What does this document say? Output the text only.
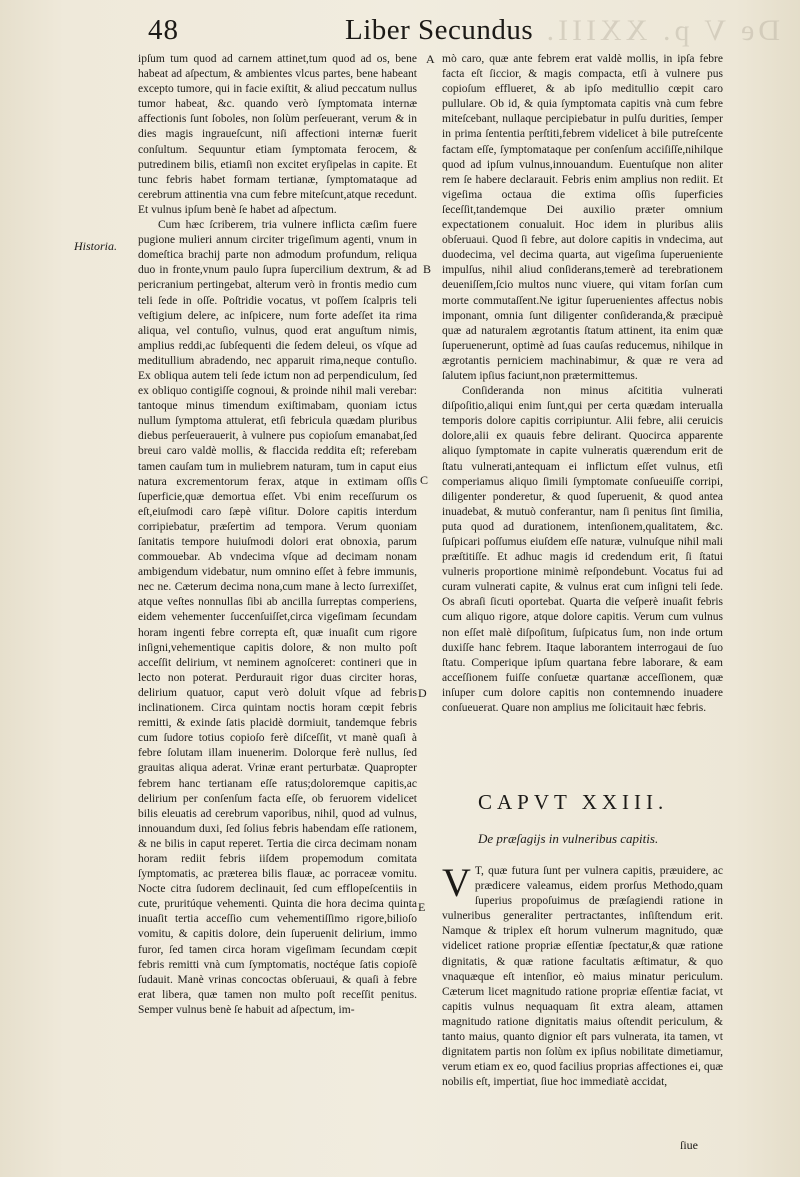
De V p. XXIII.
48	Liber Secundus
Historia.

ipſum tum quod ad carnem attinet,tum quod ad os, bene habeat ad aſpectum, & ambientes vlcus partes, bene habeant excepto tumore, qui in facie exiſtit, & aliud peccatum nullus tumor habeat, &c. quando verò ſymptomata internæ affectionis ſunt ſoboles, non ſolùm perſeuerant, verum & in dies magis ingraueſcunt, niſi affectioni internæ fuerit conſultum. Sequuntur etiam ſymptomata ferocem, & putredinem bilis, etiamſi non excitet eryſipelas in capite. Et tunc febris habet formam tertianæ, ſymptomataque ad cerebrum attinentia vna cum febre miteſcunt,atque recedunt. Et vulnus ipſum benè ſe habet ad aſpectum.

Cum hæc ſcriberem, tria vulnere inflicta cæſim fuere pugione mulieri annum circiter trigeſimum agenti, vnum in domeſtica brachij parte non admodum profundum, reliqua duo in fronte,vnum paulo ſupra ſupercilium dextrum, & ad pericranium pertingebat, alterum verò in frontis medio cum teli ſede in oſſe. Poſtridie vocatus, vt poſſem ſcalpris teli veſtigium delere, ac inſpicere, num forte adeſſet ita rima aliqua, vel contuſio, vulnus, quod erat anguſtum nimis, amplius reddi,ac ſubſequenti die ſedem deleui, os vſque ad meditullium abradendo, nec apparuit rima,neque contuſio. Ex obliqua autem teli ſede ictum non ad perpendiculum, ſed ex obliquo contigiſſe cognoui, & proinde nihil mali verebar: tantoque minus timendum exiſtimabam, quoniam ictus nullum ſymptoma attulerat, etſi febricula quædam pluribus diebus perſeuerauerit, à vulnere pus copioſum emanabat,ſed breui caro valdè mollis, & flaccida reddita eſt; referebam tamen cauſam tum in muliebrem naturam, tum in caput eius natura excrementorum ferax, atque in extimam oſſis ſuperficie,quæ demortua eſſet. Vbi enim receſſurum os eſt,eiuſmodi caro ſæpè viſitur. Dolore capitis interdum corripiebatur, præſertim ad tempora. Verum quoniam ſanitatis tempore huiuſmodi dolori erat obnoxia, parum commouebar. Ab vndecima vſque ad decimam nonam ambigendum videbatur, num omnino eſſet à febre immunis, nec ne. Cæterum decima nona,cum mane à lecto ſurrexiſſet, atque veſtes nonnullas ſibi ab ancilla ſurreptas comperiens, eidem vehementer ſuccenſuiſſet,circa vigeſimam ſecundam horam ingenti febre correpta eſt, quæ inuaſit cum rigore inſigni,vehementique capitis dolore, & non multo poſt acceſſit delirium, vt neminem agnoſceret: contineri que in lecto non poterat. Perdurauit rigor duas circiter horas, delirium quatuor, caput verò doluit vſque ad febris inclinationem. Circa quintam noctis horam cœpit febris remitti, & exinde ſatis placidè dormiuit, tandemque febris cum ſudore totius copioſo ferè diſceſſit, vt manè quaſi à febre ſolutam illam inuenerim. Dolorque ferè nullus, ſed grauitas aliqua aderat. Vrinæ erant perturbatæ. Quapropter febrem hanc tertianam eſſe ratus;doloremque capitis,ac delirium per conſenſum facta eſſe, ob feruorem videlicet bilis eleuatis ad cerebrum vaporibus, nihil, quod ad vulnus, innouandum duxi, ſed ſolius febris habendam eſſe rationem, & ne bilis in caput reperet. Tertia die circa decimam nonam horam rediit febris iiſdem propemodum comitata ſymptomatis, ac præterea bilis flauæ, ac porraceæ vomitu. Nocte citra ſudorem declinauit, ſed cum efflореſcentiis in cute, pruritúque vehementi. Quinta die hora decima quinta inuaſit tertia acceſſio cum vehementiſſimo rigore,bilioſo vomitu, & capitis dolore, dein ſuperuenit delirium, immo furor, ſed tamen circa horam vigeſimam ſecundam cœpit febris remitti vnà cum ſymptomatis, noctéque ſatis copioſè ſudauit. Manè vrinas concoctas obſeruaui, & quaſi à febre erat libera, quæ tamen non multo poſt receſſit penitus. Semper vulnus benè ſe habuit ad aſpectum, im-

A
B
C
D
E

mò caro, quæ ante febrem erat valdè mollis, in ipſa febre facta eſt ſiccior, & magis compacta, etſi à vulnere pus copioſum efflueret, & ab ipſo meditullio cœpit caro pullulare. Ob id, & quia ſymptomata capitis vnà cum febre miteſcebant, nullaque percipiebatur in pulſu durities, ſemper in prima ſententia perſtiti,febrem videlicet à bile putreſcente factam eſſe, ſymptomataque per conſenſum acciſiſſe,nihilque quod ad ipſum vulnus,innouandum. Euentuſque non aliter rem ſe habere declarauit. Febris enim amplius non rediit. Et vigeſima octaua die extima oſſis ſuperficies ſeceſſit,tandemque Dei auxilio præter omnium expectationem conualuit. Hoc idem in pluribus aliis obſeruaui. Quod ſi febre, aut dolore capitis in vndecima, aut duodecima, vel decima quarta, aut vigeſima ſuperueniente impulſus, nihil aliud conſiderans,temerè ad terebrationem deueniſſem,ſcio multos nunc viuere, qui vitam forſan cum morte commutaſſent.Ne igitur ſuperuenientes affectus nobis imponant, omnia ſunt diligenter conſideranda,& præcipuè quæ ad naturalem ægrotantis ſtatum attinent, ita enim quæ ſuperuenerunt, optimè ad ſuas cauſas reducemus, nihilque in ægrotantis perniciem machinabimur, & quæ re vera ad ſalutem ipſius faciunt,non prætermittemus.

Conſideranda non minus aſcititia vulnerati diſpoſitio,aliqui enim ſunt,qui per certa quædam interualla temporis dolore capitis corripiuntur. Alii febre, alii ceruicis dolore,alii ex quauis febre delirant. Quocirca apparente aliquo ſymptomate in capite vulneratis quærendum erit de ſtatu vulnerati,antequam ei inflictum eſſet vulnus, etſi comperiamus aliquo ſimili ſymptomate conſueuiſſe corripi, diligenter ponderetur, & quod ſuperuenit, & quod antea inuadebat, & mutuò conferantur, nam ſi penitus ſint ſimilia, puta quod ad durationem, intenſionem,qualitatem, &c. ſuſpicari poſſumus eiuſdem eſſe naturæ, vulnuſque nihil mali præſtitiſſe. Et adhuc magis id credendum erit, ſi ſtatui vulneris proportione minimè reſpondebunt. Vocatus fui ad curam vulnerati capite, & vulnus erat cum inſigni teli ſede. Os abraſi ſicuti oportebat. Quarta die veſperè inuaſit febris cum aliquo rigore, atque dolore capitis. Verum cum vulnus non eſſet malè diſpoſitum, ſuſpicatus ſum, non inde ortum duxiſſe hanc febrem. Itaque laborantem interrogaui de ſuo ſtatu. Comperique ipſum quartana febre laborare, & eam acceſſionem fuiſſe conſuetæ quartanæ acceſſionem, quæ inſuper cum dolore capitis non contemnendo inuadere conſueuerat. Quare non amplius me ſolicitauit hæc febris.

CAPVT XXIII.
De præſagijs in vulneribus capitis.
V T, quæ futura ſunt per vulnera capitis, præuidere, ac prædicere valeamus, eidem prorſus Methodo,quam ſuperius propoſuimus de præſagiendi ratione in vulneribus generaliter pertractantes, inſiſtendum erit. Namque & triplex eſt horum vulnerum magnitudo, quæ videlicet ratione propriæ eſſentiæ ſpectatur,& quæ ratione dignitatis, & quæ ratione facultatis æſtimatur, & quo vnaquæque eſt intenſior, eò maius minatur periculum. Cæterum licet magnitudo ratione propriæ eſſentiæ faciat, vt capitis vulnus nequaquam ſit extra aleam, attamen magnitudo ratione dignitatis maius oſtendit periculum, & tanto maius, quanto dignior eſt pars vulnerata, ita tamen, vt dignitatem partis non ſolùm ex ipſius nobilitate dimetiamur, verum etiam ex eo, quod facilius proprias affectiones ei, quæ nobilis eſt, impertiat, ſiue hoc immediatè accidat,
ſiue
